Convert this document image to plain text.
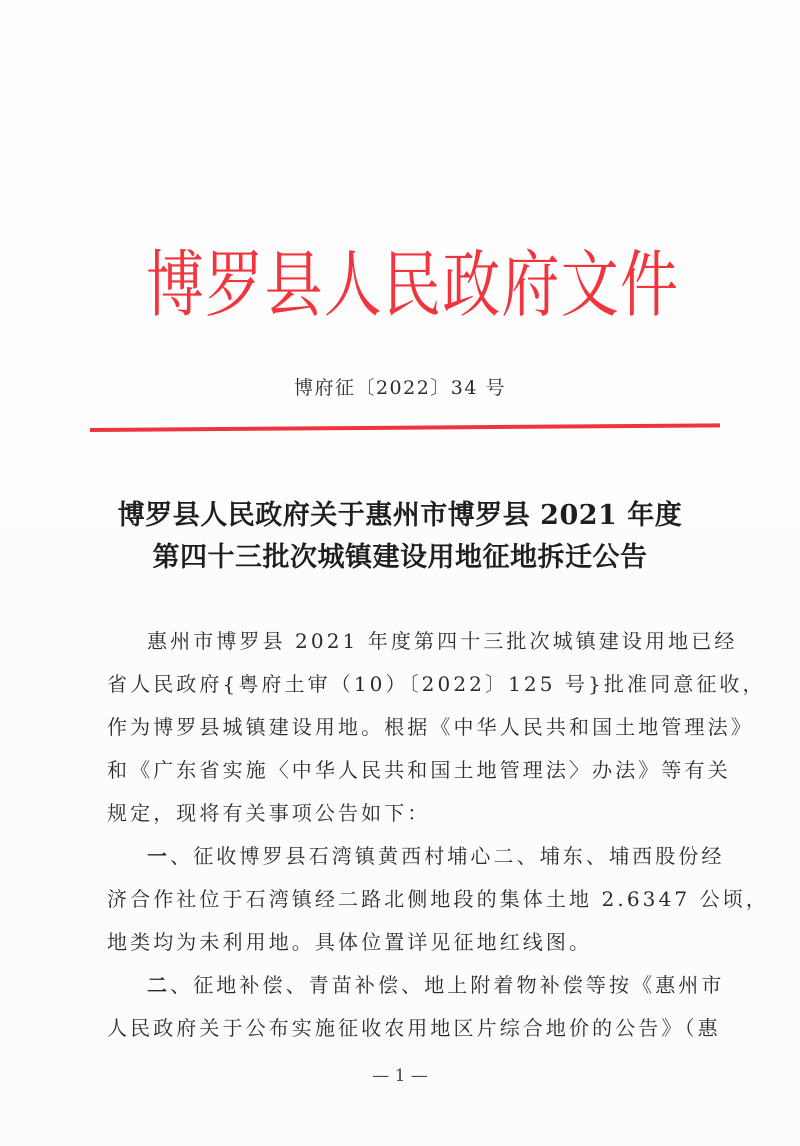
博 罗 县 人 民 政 府 文 件
博府征〔2022〕34 号
博罗县人民政府关于惠州市博罗县 2021 年度
第四十三批次城镇建设用地征地拆迁公告
惠州市博罗县 2021 年度第四十三批次城镇建设用地已经
省人民政府{粤府土审（10）〔2022〕125 号}批准同意征收，
作为博罗县城镇建设用地。根据《中华人民共和国土地管理法》
和《广东省实施〈中华人民共和国土地管理法〉办法》等有关
规定，现将有关事项公告如下：
一、征收博罗县石湾镇黄西村埔心二、埔东、埔西股份经
济合作社位于石湾镇经二路北侧地段的集体土地 2.6347 公顷，
地类均为未利用地。具体位置详见征地红线图。
二、征地补偿、青苗补偿、地上附着物补偿等按《惠州市
人民政府关于公布实施征收农用地区片综合地价的公告》（惠
— 1 —
